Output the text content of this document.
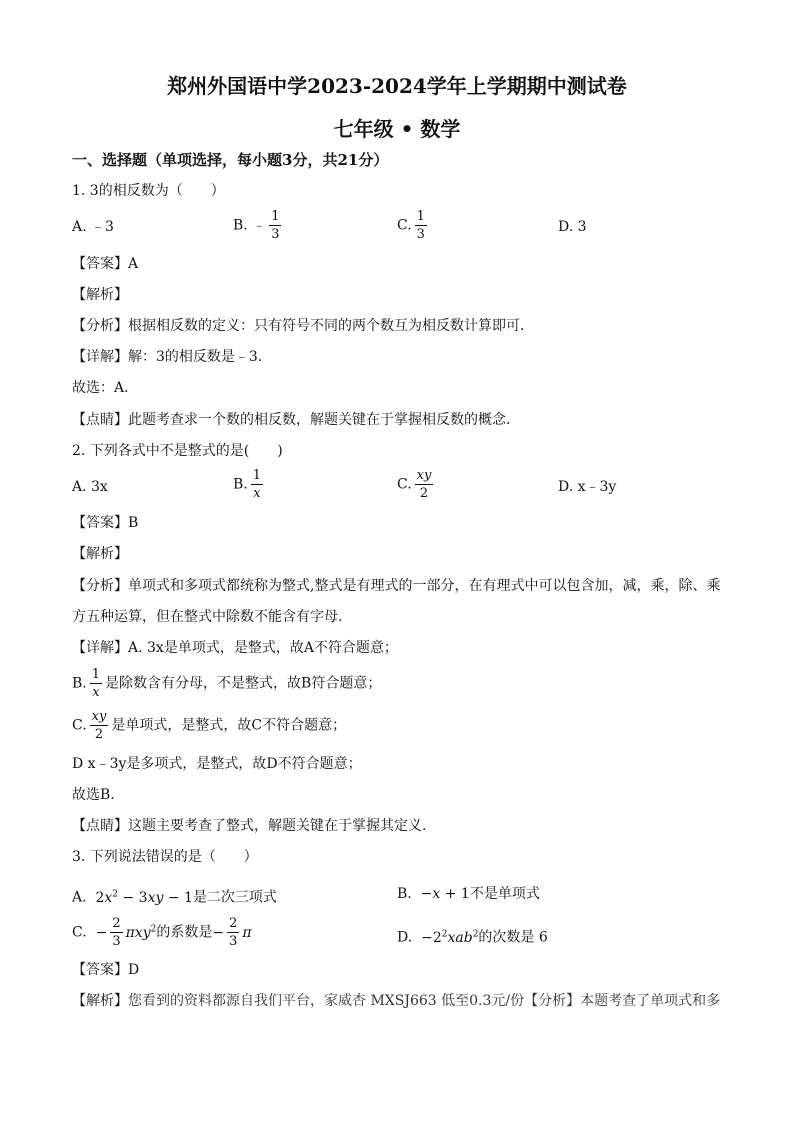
郑州外国语中学2023-2024学年上学期期中测试卷
七年级 • 数学
一、选择题（单项选择，每小题3分，共21分）
1. 3的相反数为（　　）
A. ﹣3	B. ﹣ $\frac{1}{3}$	C. $\frac{1}{3}$	D. 3
【答案】A
【解析】
【分析】根据相反数的定义：只有符号不同的两个数互为相反数计算即可．
【详解】解：3的相反数是﹣3．
故选：A．
【点睛】此题考查求一个数的相反数，解题关键在于掌握相反数的概念．
2. 下列各式中不是整式的是(　　)
A. 3x	B. $\frac{1}{x}$	C. $\frac{xy}{2}$	D. x﹣3y
【答案】B
【解析】
【分析】单项式和多项式都统称为整式,整式是有理式的一部分，在有理式中可以包含加，减，乘，除、乘
方五种运算，但在整式中除数不能含有字母.
【详解】A. 3x是单项式，是整式，故A不符合题意；
B. $\frac{1}{x}$ 是除数含有分母，不是整式，故B符合题意；
C. $\frac{xy}{2}$ 是单项式，是整式，故C不符合题意；
D x﹣3y是多项式，是整式，故D不符合题意；
故选B.
【点睛】这题主要考查了整式，解题关键在于掌握其定义.
3. 下列说法错误的是（　　）
A. $2x^2 - 3xy - 1$是二次三项式	B. −x + 1不是单项式
C. − $\frac{2}{3} \pi xy^2$的系数是− $\frac{2}{3}$ π	D. $-2^2xab^2$的次数是 6
【答案】D
【解析】您看到的资料都源自我们平台，家威杏 MXSJ663 低至0.3元/份【分析】本题考查了单项式和多
